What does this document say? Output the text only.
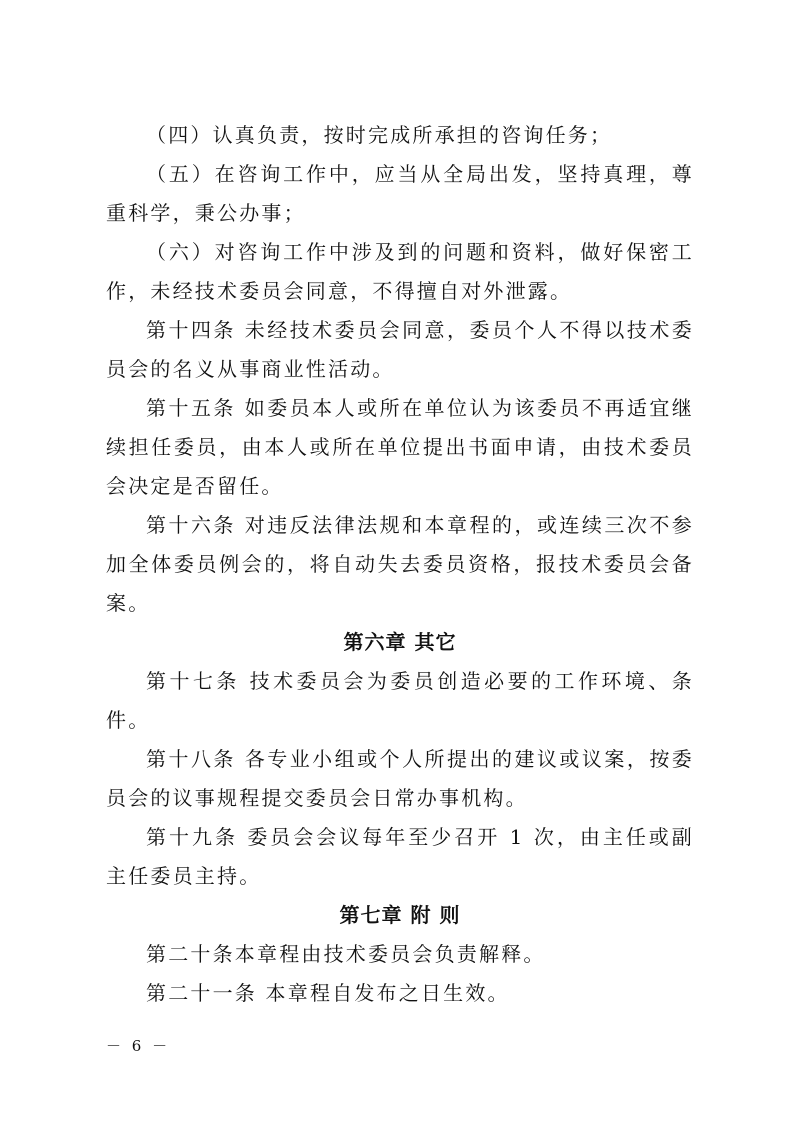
（四）认真负责，按时完成所承担的咨询任务；

（五）在咨询工作中，应当从全局出发，坚持真理，尊重科学，秉公办事；

（六）对咨询工作中涉及到的问题和资料，做好保密工作，未经技术委员会同意，不得擅自对外泄露。

第十四条 未经技术委员会同意，委员个人不得以技术委员会的名义从事商业性活动。

第十五条 如委员本人或所在单位认为该委员不再适宜继续担任委员，由本人或所在单位提出书面申请，由技术委员会决定是否留任。

第十六条 对违反法律法规和本章程的，或连续三次不参加全体委员例会的，将自动失去委员资格，报技术委员会备案。

第六章 其它

第十七条 技术委员会为委员创造必要的工作环境、条件。

第十八条 各专业小组或个人所提出的建议或议案，按委员会的议事规程提交委员会日常办事机构。

第十九条 委员会会议每年至少召开 1 次，由主任或副主任委员主持。

第七章 附 则

第二十条本章程由技术委员会负责解释。

第二十一条 本章程自发布之日生效。

－ 6 －
